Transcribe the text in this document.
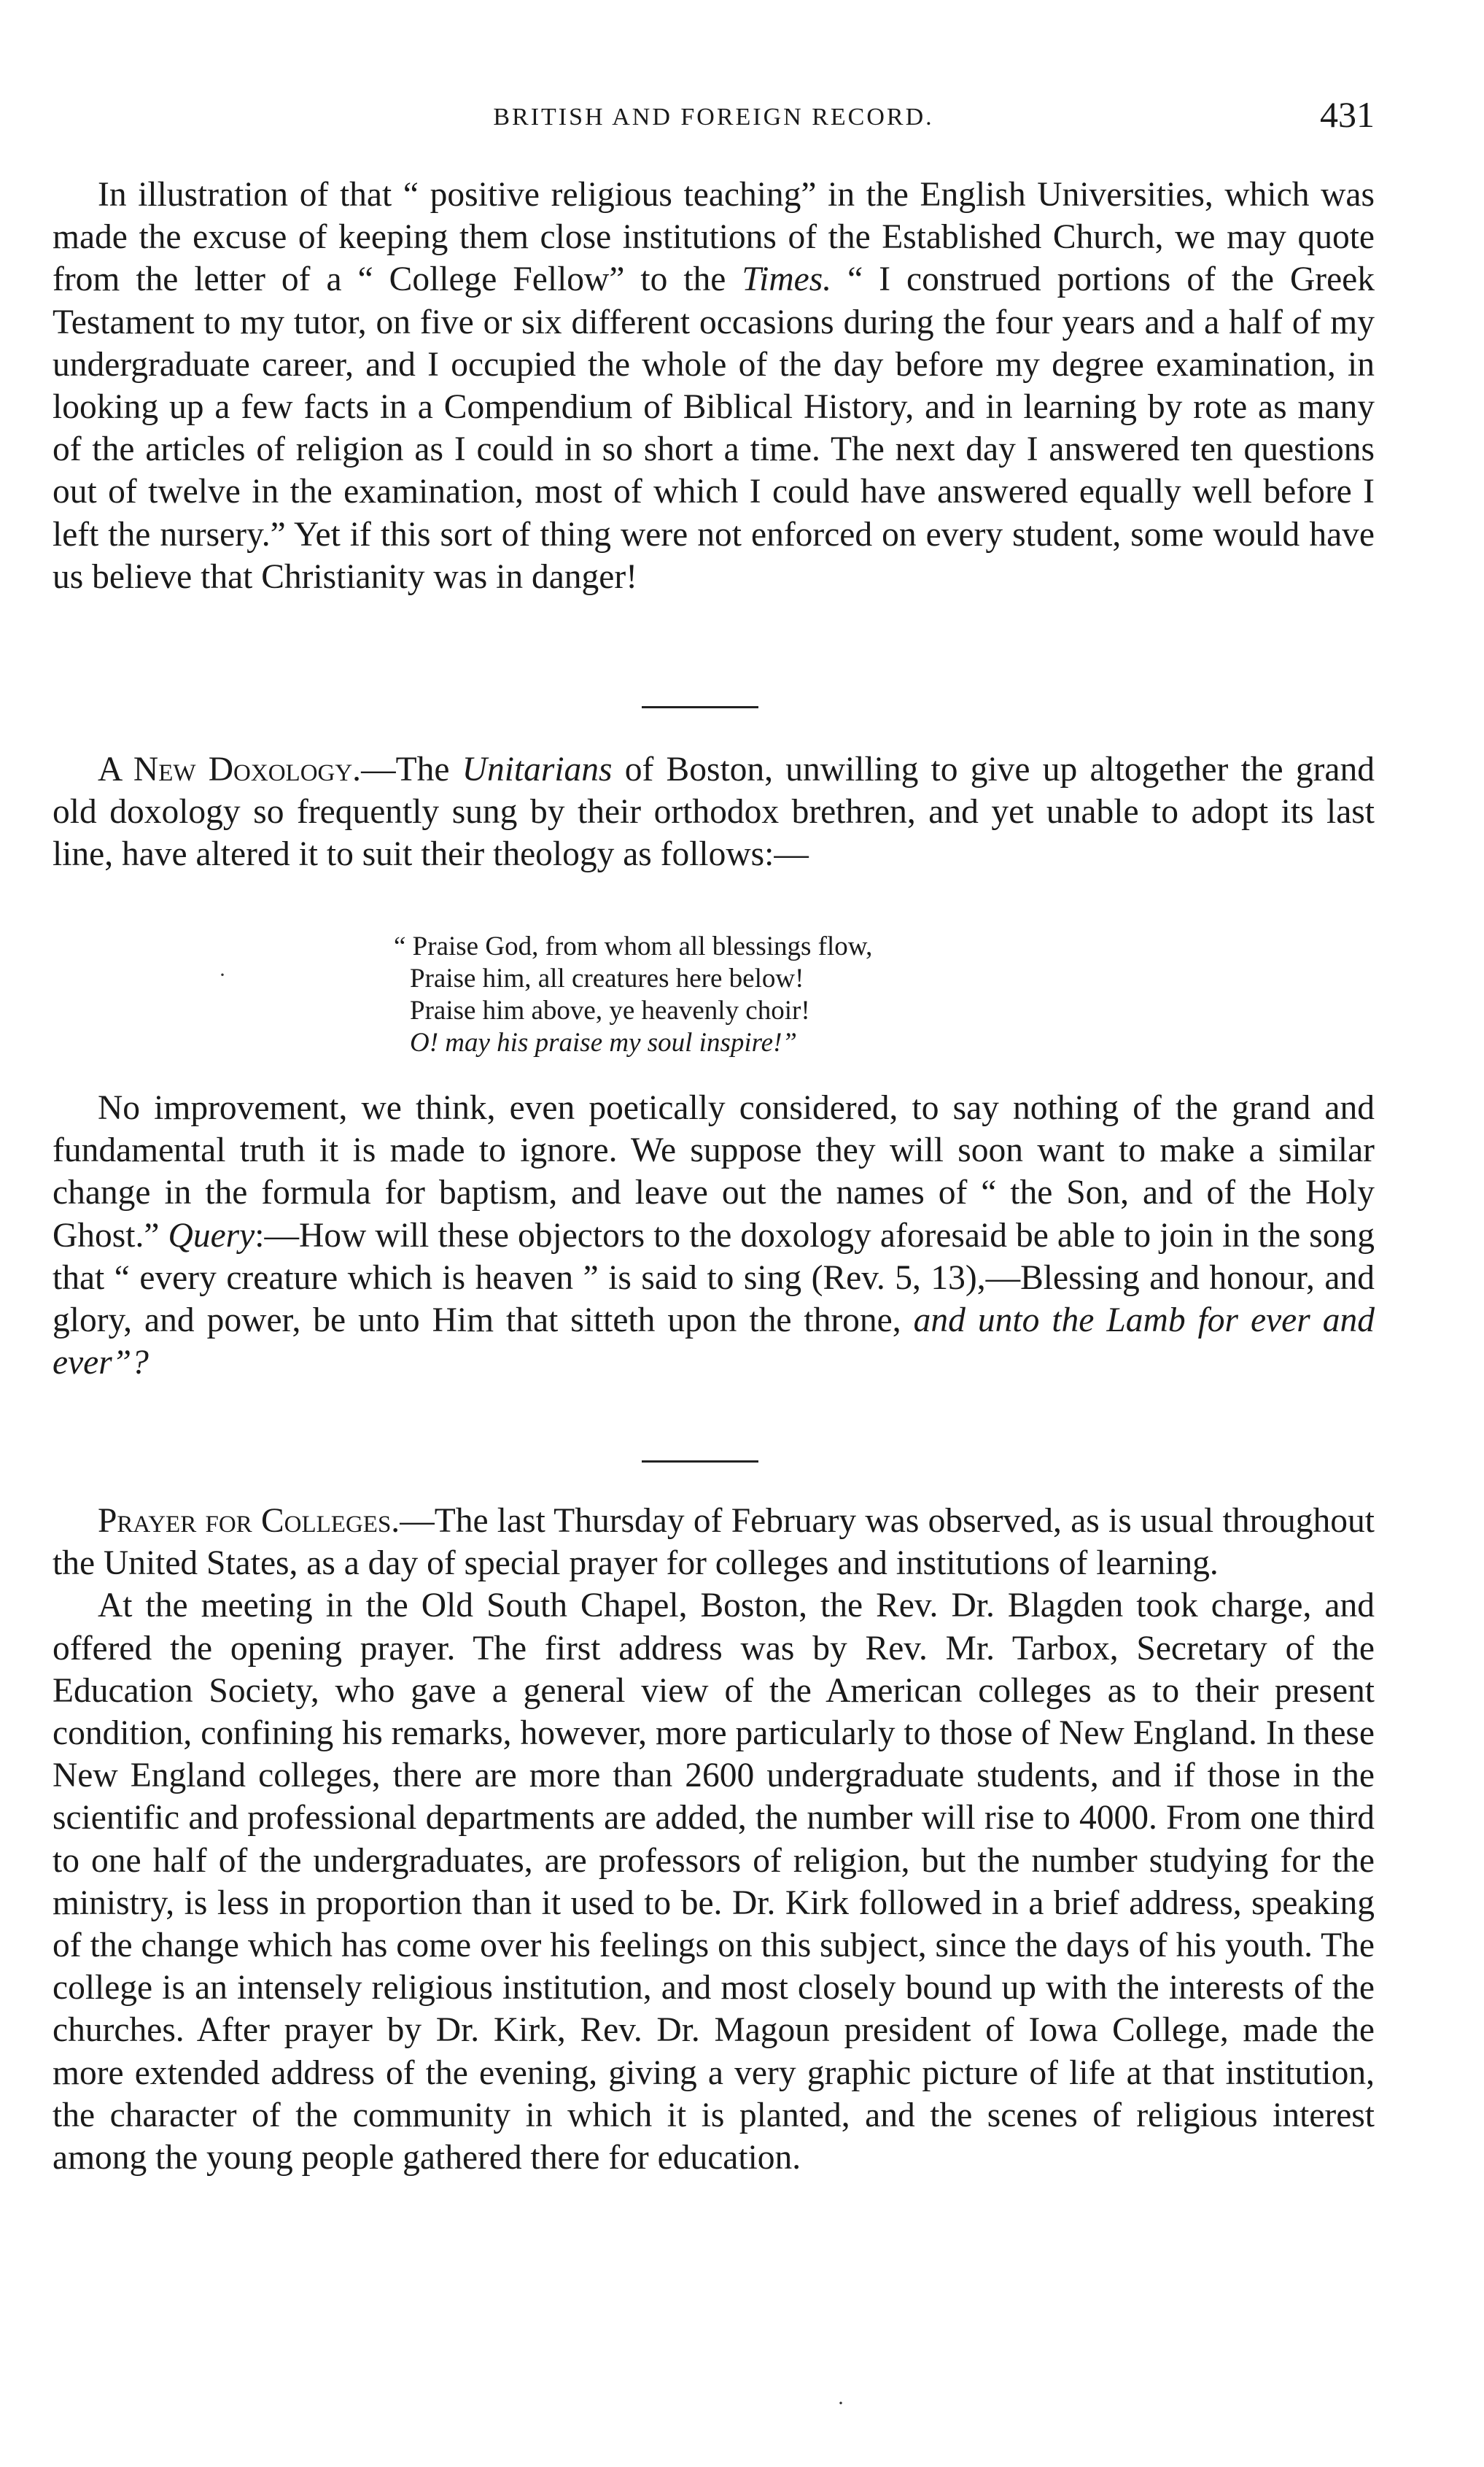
BRITISH AND FOREIGN RECORD.	431

In illustration of that “ positive religious teaching” in the English Universities, which was made the excuse of keeping them close institutions of the Established Church, we may quote from the letter of a “ College Fellow” to the Times. “ I construed portions of the Greek Testament to my tutor, on five or six different occasions during the four years and a half of my undergraduate career, and I occupied the whole of the day before my degree examination, in looking up a few facts in a Compendium of Biblical History, and in learning by rote as many of the articles of religion as I could in so short a time. The next day I answered ten questions out of twelve in the examination, most of which I could have answered equally well before I left the nursery.” Yet if this sort of thing were not enforced on every student, some would have us believe that Christianity was in danger!

A New Doxology.—The Unitarians of Boston, unwilling to give up altogether the grand old doxology so frequently sung by their orthodox brethren, and yet unable to adopt its last line, have altered it to suit their theology as follows:—

“ Praise God, from whom all blessings flow,
Praise him, all creatures here below!
Praise him above, ye heavenly choir!
O! may his praise my soul inspire!”
·

No improvement, we think, even poetically considered, to say nothing of the grand and fundamental truth it is made to ignore. We suppose they will soon want to make a similar change in the formula for baptism, and leave out the names of “ the Son, and of the Holy Ghost.” Query:—How will these objectors to the doxology aforesaid be able to join in the song that “ every creature which is heaven ” is said to sing (Rev. 5, 13),—Blessing and honour, and glory, and power, be unto Him that sitteth upon the throne, and unto the Lamb for ever and ever”?

Prayer for Colleges.—The last Thursday of February was observed, as is usual throughout the United States, as a day of special prayer for colleges and institutions of learning.

At the meeting in the Old South Chapel, Boston, the Rev. Dr. Blagden took charge, and offered the opening prayer. The first address was by Rev. Mr. Tarbox, Secretary of the Education Society, who gave a general view of the American colleges as to their present condition, confining his remarks, however, more particularly to those of New England. In these New England colleges, there are more than 2600 undergraduate students, and if those in the scientific and professional departments are added, the number will rise to 4000. From one third to one half of the undergraduates, are professors of religion, but the number studying for the ministry, is less in proportion than it used to be. Dr. Kirk followed in a brief address, speaking of the change which has come over his feelings on this subject, since the days of his youth. The college is an intensely religious institution, and most closely bound up with the interests of the churches. After prayer by Dr. Kirk, Rev. Dr. Magoun president of Iowa College, made the more extended address of the evening, giving a very graphic picture of life at that institution, the character of the community in which it is planted, and the scenes of religious interest among the young people gathered there for education.

·
